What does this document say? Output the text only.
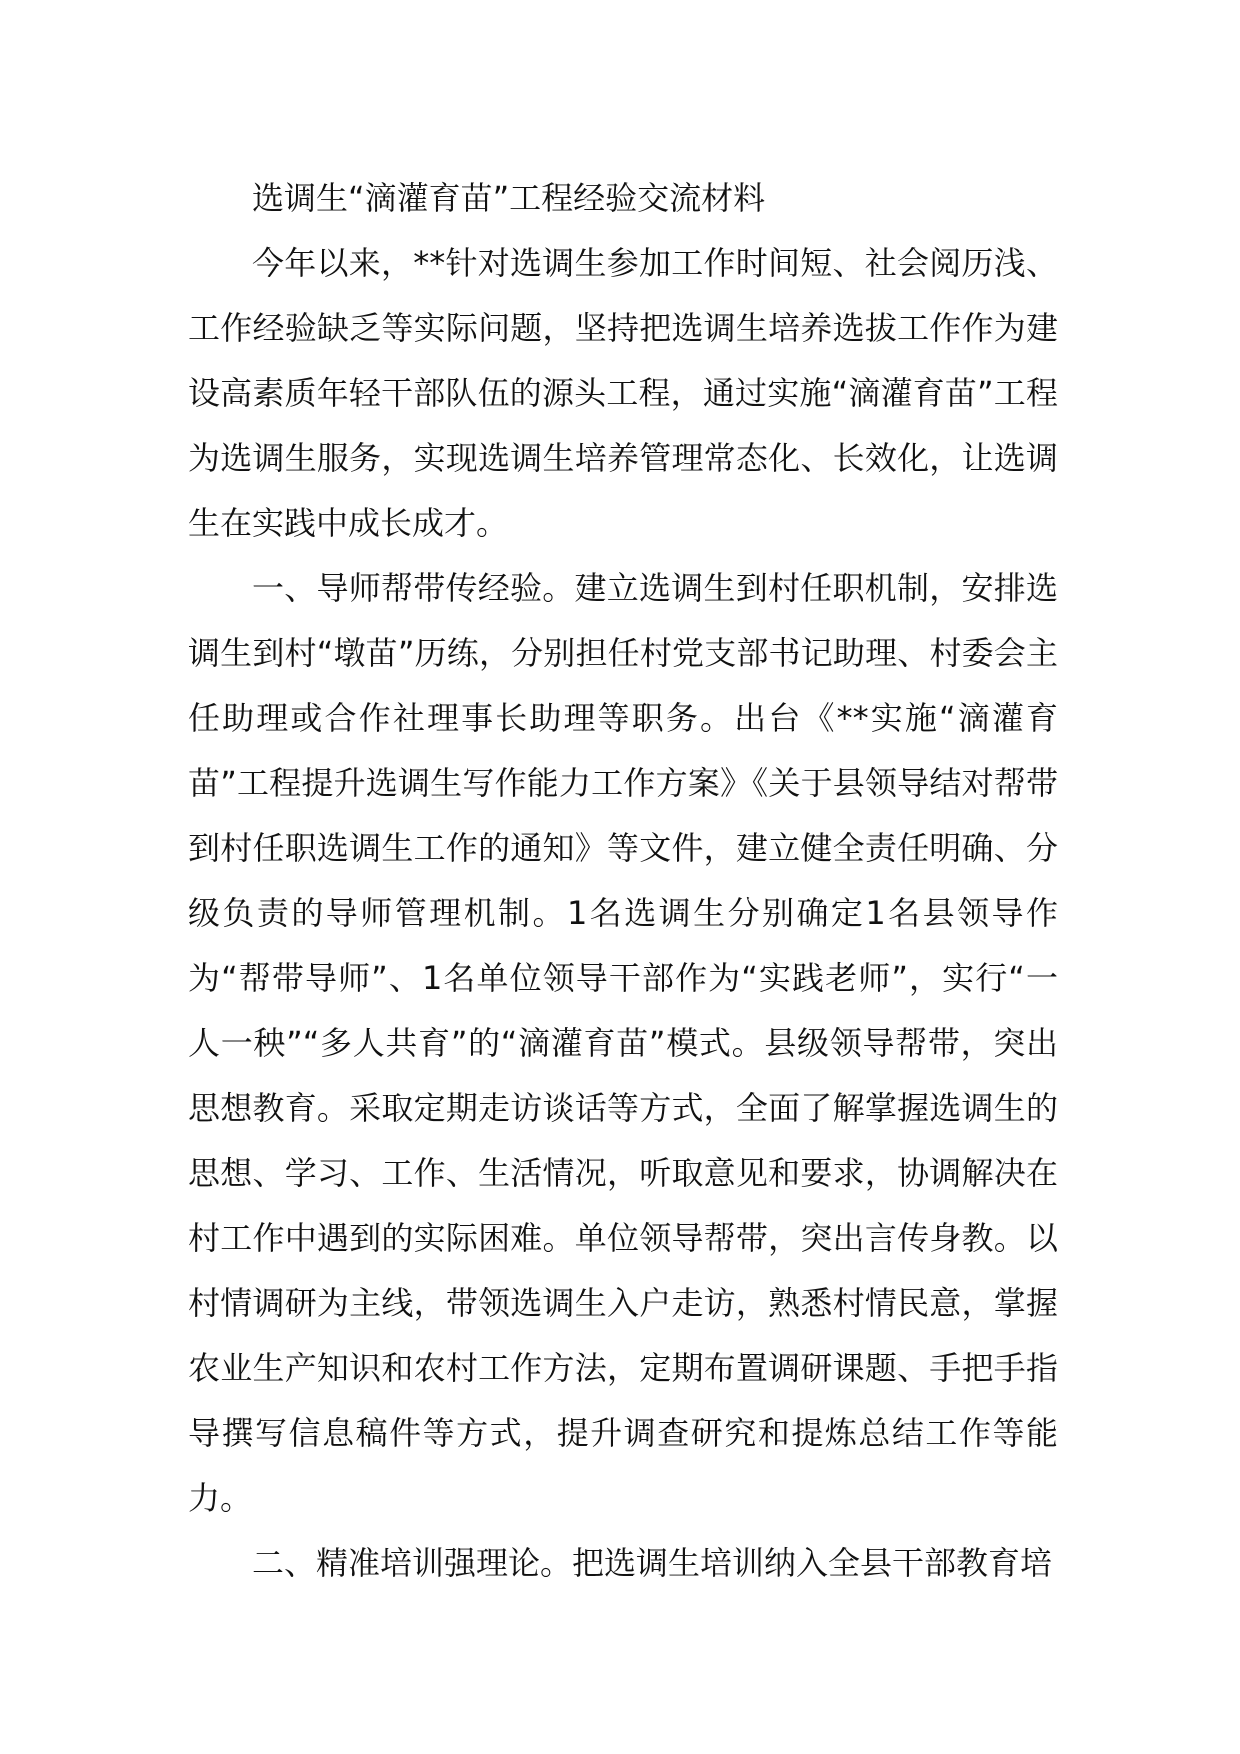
选调生“滴灌育苗”工程经验交流材料

今年以来，**针对选调生参加工作时间短、社会阅历浅、工作经验缺乏等实际问题，坚持把选调生培养选拔工作作为建设高素质年轻干部队伍的源头工程，通过实施“滴灌育苗”工程为选调生服务，实现选调生培养管理常态化、长效化，让选调生在实践中成长成才。

一、导师帮带传经验。建立选调生到村任职机制，安排选调生到村“墩苗”历练，分别担任村党支部书记助理、村委会主任助理或合作社理事长助理等职务。出台《**实施“滴灌育苗”工程提升选调生写作能力工作方案》《关于县领导结对帮带到村任职选调生工作的通知》等文件，建立健全责任明确、分级负责的导师管理机制。1名选调生分别确定1名县领导作为“帮带导师”、1名单位领导干部作为“实践老师”，实行“一人一秧”“多人共育”的“滴灌育苗”模式。县级领导帮带，突出思想教育。采取定期走访谈话等方式，全面了解掌握选调生的思想、学习、工作、生活情况，听取意见和要求，协调解决在村工作中遇到的实际困难。单位领导帮带，突出言传身教。以村情调研为主线，带领选调生入户走访，熟悉村情民意，掌握农业生产知识和农村工作方法，定期布置调研课题、手把手指导撰写信息稿件等方式，提升调查研究和提炼总结工作等能力。

二、精准培训强理论。把选调生培训纳入全县干部教育培
